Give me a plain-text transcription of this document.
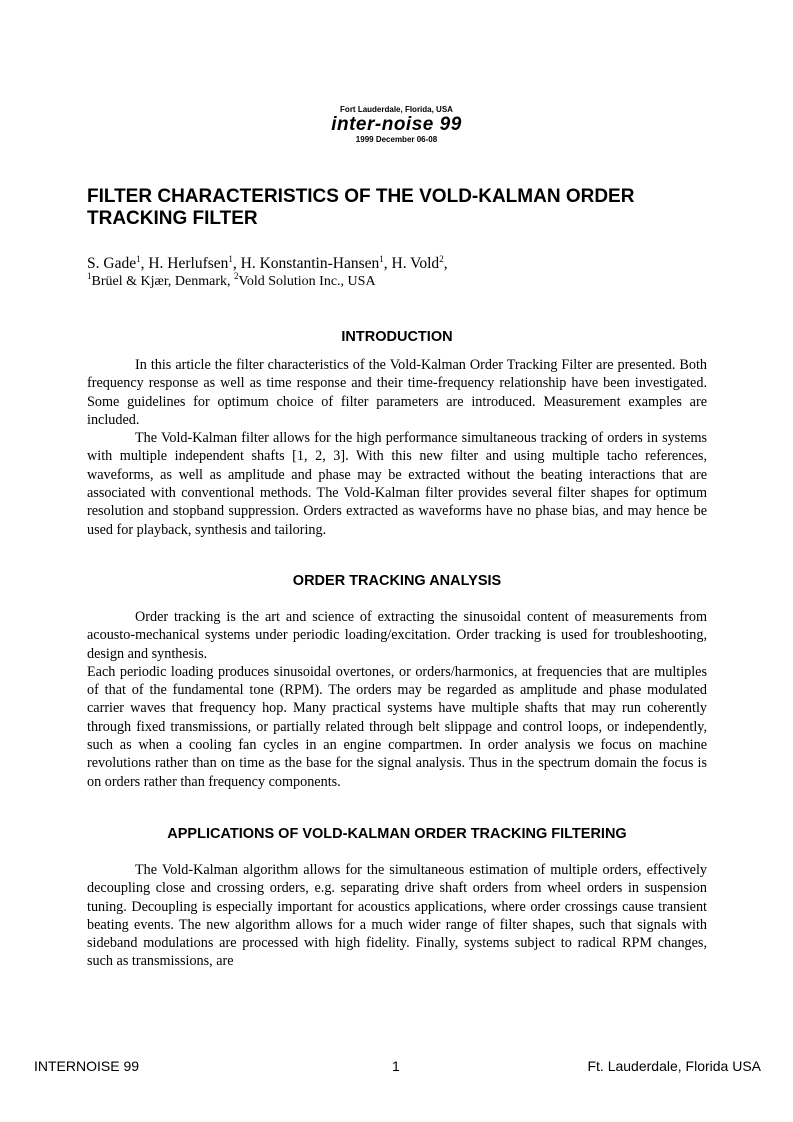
Fort Lauderdale, Florida, USA
inter-noise 99
1999 December 06-08
FILTER CHARACTERISTICS OF THE VOLD-KALMAN ORDER TRACKING FILTER
S. Gade$^1$, H. Herlufsen$^1$, H. Konstantin-Hansen$^1$, H. Vold$^2$,
$^1$Brüel & Kjær, Denmark, $^2$Vold Solution Inc., USA
INTRODUCTION

In this article the filter characteristics of the Vold-Kalman Order Tracking Filter are presented. Both frequency response as well as time response and their time-frequency relationship have been investigated. Some guidelines for optimum choice of filter parameters are introduced. Measurement examples are included.

The Vold-Kalman filter allows for the high performance simultaneous tracking of orders in systems with multiple independent shafts [1, 2, 3]. With this new filter and using multiple tacho references, waveforms, as well as amplitude and phase may be extracted without the beating interactions that are associated with conventional methods. The Vold-Kalman filter provides several filter shapes for optimum resolution and stopband suppression. Orders extracted as waveforms have no phase bias, and may hence be used for playback, synthesis and tailoring.

ORDER TRACKING ANALYSIS

Order tracking is the art and science of extracting the sinusoidal content of measurements from acousto-mechanical systems under periodic loading/excitation. Order tracking is used for troubleshooting, design and synthesis.

Each periodic loading produces sinusoidal overtones, or orders/harmonics, at frequencies that are multiples of that of the fundamental tone (RPM). The orders may be regarded as amplitude and phase modulated carrier waves that frequency hop. Many practical systems have multiple shafts that may run coherently through fixed transmissions, or partially related through belt slippage and control loops, or independently, such as when a cooling fan cycles in an engine compartmen. In order analysis we focus on machine revolutions rather than on time as the base for the signal analysis. Thus in the spectrum domain the focus is on orders rather than frequency components.

APPLICATIONS OF VOLD-KALMAN ORDER TRACKING FILTERING

The Vold-Kalman algorithm allows for the simultaneous estimation of multiple orders, effectively decoupling close and crossing orders, e.g. separating drive shaft orders from wheel orders in suspension tuning. Decoupling is especially important for acoustics applications, where order crossings cause transient beating events. The new algorithm allows for a much wider range of filter shapes, such that signals with sideband modulations are processed with high fidelity. Finally, systems subject to radical RPM changes, such as transmissions, are

INTERNOISE 99	1	Ft. Lauderdale, Florida USA
